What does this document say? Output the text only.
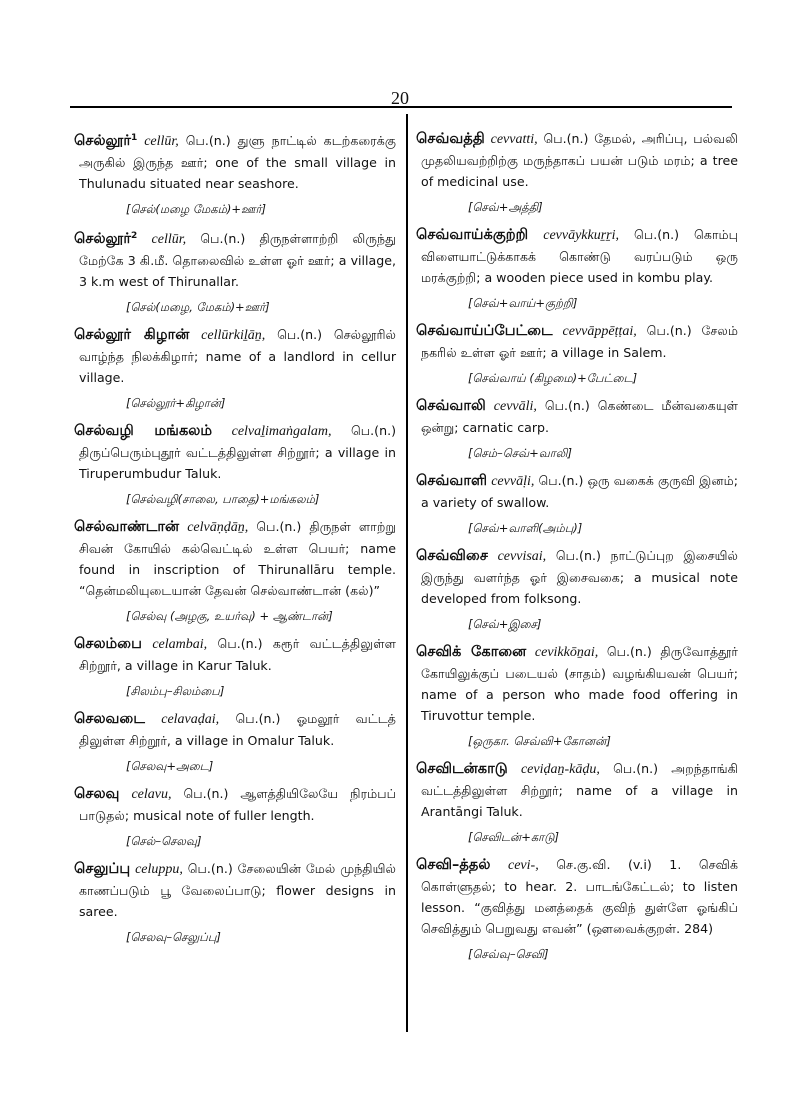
20
செல்லூர்$^1$ cellūr, பெ.(n.) துளு நாட்டில் கடற்கரைக்கு அருகில் இருந்த ஊர்; one of the small village in Thulunadu situated near seashore.
[செல்(மழை மேகம்)+ஊர்]
செல்லூர்$^2$ cellūr, பெ.(n.) திருநள்ளாற்றி லிருந்து மேற்கே 3 கி.மீ. தொலைவில் உள்ள ஓர் ஊர்; a village, 3 k.m west of Thirunallar.
[செல்(மழை, மேகம்)+ஊர்]
செல்லூர் கிழான் cellūrkiḻāṉ, பெ.(n.) செல்லூரில் வாழ்ந்த நிலக்கிழார்; name of a landlord in cellur village.
[செல்லூர்+கிழான்]
செல்வழி மங்கலம் celvaḻimaṅgalam, பெ.(n.) திருப்பெரும்புதூர் வட்டத்திலுள்ள சிற்றூர்; a village in Tiruperumbudur Taluk.
[செல்வழி(சாலை, பாதை)+மங்கலம்]
செல்வாண்டான் celvāṇḍāṉ, பெ.(n.) திருநள் ளாற்று சிவன் கோயில் கல்வெட்டில் உள்ள பெயர்; name found in inscription of Thirunallāru temple. “தென்மலியுடையான் தேவன் செல்வாண்டான் (கல்)”
[செல்வு (அழகு, உயர்வு) + ஆண்டான்]
செலம்பை celambai, பெ.(n.) கரூர் வட்டத்திலுள்ள சிற்றூர், a village in Karur Taluk.
[சிலம்பு–சிலம்பை]
செலவடை celavaḍai, பெ.(n.) ஓமலூர் வட்டத் திலுள்ள சிற்றூர், a village in Omalur Taluk.
[செலவு+அடை]
செலவு celavu, பெ.(n.) ஆளத்தியிலேயே நிரம்பப் பாடுதல்; musical note of fuller length.
[செல்–செலவு]
செலுப்பு celuppu, பெ.(n.) சேலையின் மேல் முந்தியில் காணப்படும் பூ வேலைப்பாடு; flower designs in saree.
[செலவு–செலுப்பு]
செவ்வத்தி cevvatti, பெ.(n.) தேமல், அரிப்பு, பல்வலி முதலியவற்றிற்கு மருந்தாகப் பயன் படும் மரம்; a tree of medicinal use.
[செவ்+அத்தி]
செவ்வாய்க்குற்றி cevvāykkuṟṟi, பெ.(n.) கொம்பு விளையாட்டுக்காகக் கொண்டு வரப்படும் ஒரு மரக்குற்றி; a wooden piece used in kombu play.
[செவ்+வாய்+குற்றி]
செவ்வாய்ப்பேட்டை cevvāppēṭṭai, பெ.(n.) சேலம் நகரில் உள்ள ஓர் ஊர்; a village in Salem.
[செவ்வாய் (கிழமை)+பேட்டை]
செவ்வாலி cevvāli, பெ.(n.) கெண்டை மீன்வகையுள் ஒன்று; carnatic carp.
[செம்–செவ்+வாலி]
செவ்வாளி cevvāḷi, பெ.(n.) ஒரு வகைக் குருவி இனம்; a variety of swallow.
[செவ்+வாளி(அம்பு)]
செவ்விசை cevvisai, பெ.(n.) நாட்டுப்புற இசையில் இருந்து வளர்ந்த ஓர் இசைவகை; a musical note developed from folksong.
[செவ்+இசை]
செவிக் கோனை cevikkōṉai, பெ.(n.) திருவோத்தூர் கோயிலுக்குப் படையல் (சாதம்) வழங்கியவன் பெயர்; name of a person who made food offering in Tiruvottur temple.
[ஒருகா. செவ்வி+கோனன்]
செவிடன்காடு ceviḍaṉ-kāḍu, பெ.(n.) அறந்தாங்கி வட்டத்திலுள்ள சிற்றூர்; name of a village in Arantāngi Taluk.
[செவிடன்+காடு]
செவி–த்தல் cevi-, செ.கு.வி. (v.i) 1. செவிக் கொள்ளுதல்; to hear. 2. பாடங்கேட்டல்; to listen lesson. “குவித்து மனத்தைக் குவிந் துள்ளே ஓங்கிப் செவித்தும் பெறுவது எவன்” (ஔவைக்குறள். 284)
[செவ்வு–செவி]
